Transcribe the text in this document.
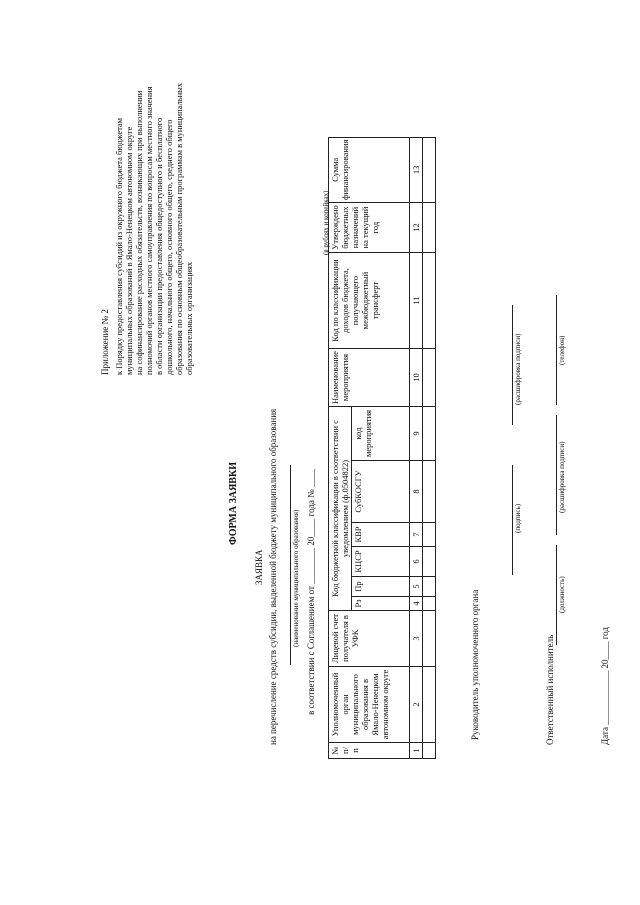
Приложение № 2 к Порядку предоставления субсидий из окружного бюджета бюджетам муниципальных образований в Ямало-Ненецком автономном округе на софинансирование расходных обязательств, возникающих при выполнении полномочий органов местного самоуправления по вопросам местного значения в области организации предоставления общедоступного и бесплатного дошкольного, начального общего, основного общего, среднего общего образования по основным общеобразовательным программам в муниципальных образовательных организациях
ФОРМА ЗАЯВКИ
ЗАЯВКА на перечисление средств субсидии, выделенной бюджету муниципального образования (наименование муниципального образования) в соответствии с Соглашением от ________ 20____ года № ____
(в рублях и копейках)
№ п/п	Уполномоченный орган муниципального образования в Ямало-Ненецком автономном округе	Лицевой счет получателя в УФК	Код бюджетной классификации в соответствии с уведомлением (ф.0504822)						Наименование мероприятия	Код по классификации доходов бюджета, получающего межбюджетный трансферт	Утверждено бюджетных назначений на текущий год	Сумма финансирования
			Рз	Пр	КЦСР	КВР	СубКОСГУ	код мероприятия				
1	2	3	4	5	6	7	8	9	10	11	12	13

Руководитель уполномоченного органа
(подпись)
(расшифровка подписи)
Ответственный исполнитель
(должность)
(расшифровка подписи)
(телефон)
Дата ____________ 20____ год
